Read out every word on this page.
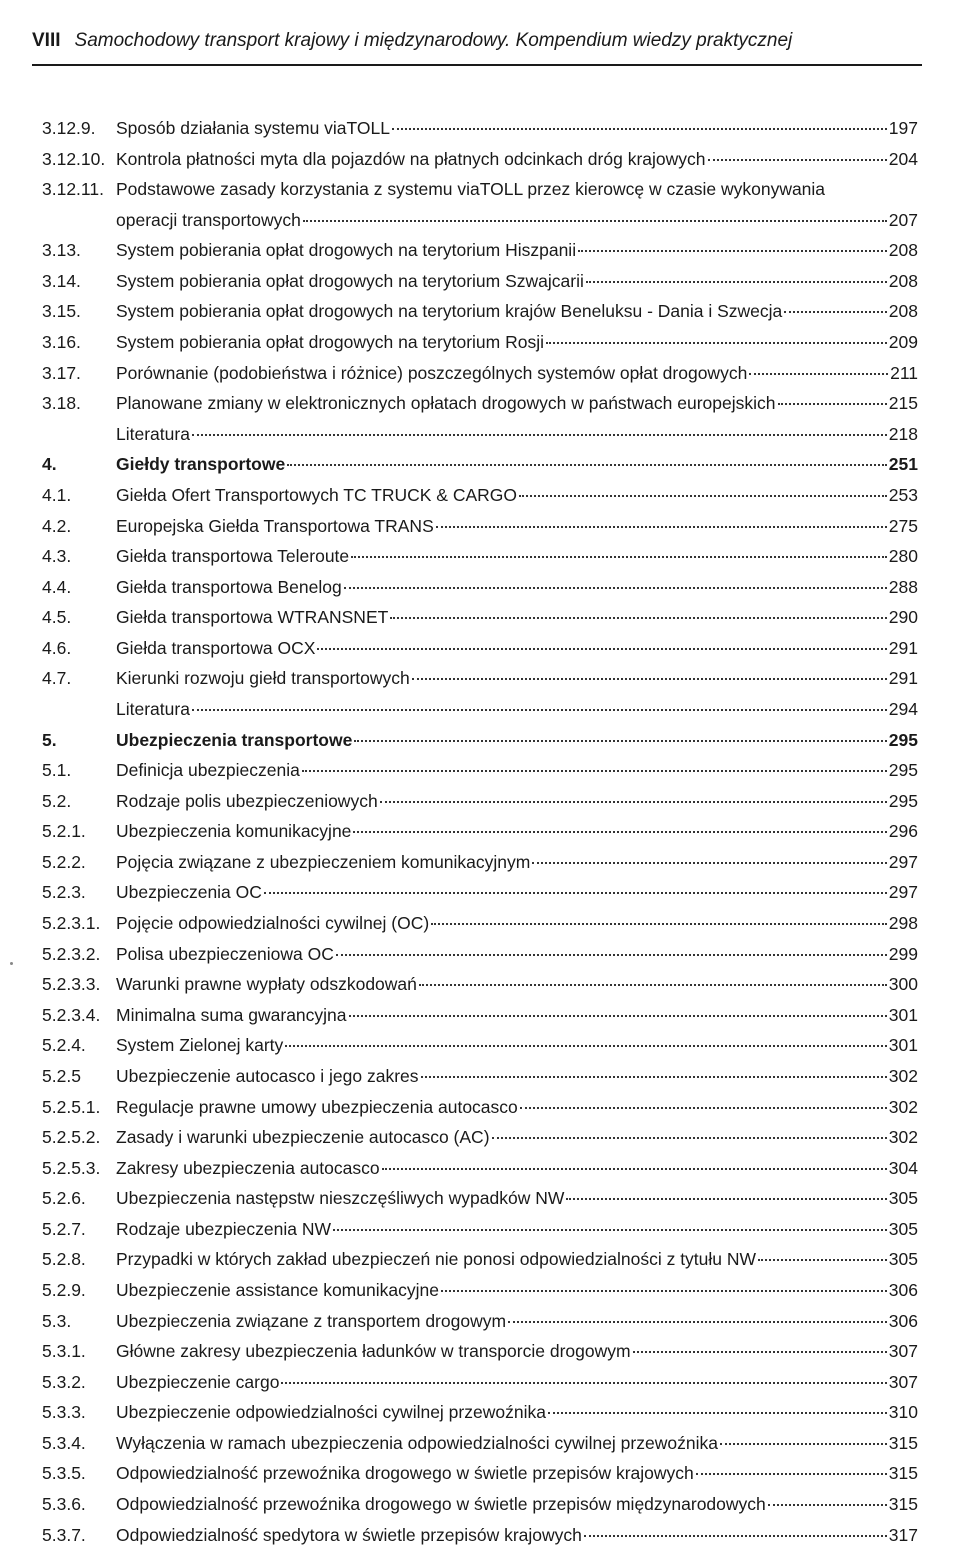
VIII Samochodowy transport krajowy i międzynarodowy. Kompendium wiedzy praktycznej
3.12.9. Sposób działania systemu viaTOLL	197
3.12.10. Kontrola płatności myta dla pojazdów na płatnych odcinkach dróg krajowych	204
3.12.11. Podstawowe zasady korzystania z systemu viaTOLL przez kierowcę w czasie wykonywania
operacji transportowych	207
3.13. System pobierania opłat drogowych na terytorium Hiszpanii	208
3.14. System pobierania opłat drogowych na terytorium Szwajcarii	208
3.15. System pobierania opłat drogowych na terytorium krajów Beneluksu - Dania i Szwecja	208
3.16. System pobierania opłat drogowych na terytorium Rosji	209
3.17. Porównanie (podobieństwa i różnice) poszczególnych systemów opłat drogowych	211
3.18. Planowane zmiany w elektronicznych opłatach drogowych w państwach europejskich	215
Literatura	218
4.	Giełdy transportowe	251
4.1.	Giełda Ofert Transportowych TC TRUCK & CARGO	253
4.2.	Europejska Giełda Transportowa TRANS	275
4.3.	Giełda transportowa Teleroute	280
4.4.	Giełda transportowa Benelog	288
4.5.	Giełda transportowa WTRANSNET	290
4.6.	Giełda transportowa OCX	291
4.7.	Kierunki rozwoju giełd transportowych	291
Literatura	294
5.	Ubezpieczenia transportowe	295
5.1.	Definicja ubezpieczenia	295
5.2.	Rodzaje polis ubezpieczeniowych	295
5.2.1. Ubezpieczenia komunikacyjne	296
5.2.2. Pojęcia związane z ubezpieczeniem komunikacyjnym	297
5.2.3. Ubezpieczenia OC	297
5.2.3.1. Pojęcie odpowiedzialności cywilnej (OC)	298
5.2.3.2. Polisa ubezpieczeniowa OC	299
5.2.3.3. Warunki prawne wypłaty odszkodowań	300
5.2.3.4. Minimalna suma gwarancyjna	301
5.2.4. System Zielonej karty	301
5.2.5 Ubezpieczenie autocasco i jego zakres	302
5.2.5.1. Regulacje prawne umowy ubezpieczenia autocasco	302
5.2.5.2. Zasady i warunki ubezpieczenie autocasco (AC)	302
5.2.5.3. Zakresy ubezpieczenia autocasco	304
5.2.6. Ubezpieczenia następstw nieszczęśliwych wypadków NW	305
5.2.7. Rodzaje ubezpieczenia NW	305
5.2.8. Przypadki w których zakład ubezpieczeń nie ponosi odpowiedzialności z tytułu NW	305
5.2.9. Ubezpieczenie assistance komunikacyjne	306
5.3.	Ubezpieczenia związane z transportem drogowym	306
5.3.1. Główne zakresy ubezpieczenia ładunków w transporcie drogowym	307
5.3.2. Ubezpieczenie cargo	307
5.3.3. Ubezpieczenie odpowiedzialności cywilnej przewoźnika	310
5.3.4. Wyłączenia w ramach ubezpieczenia odpowiedzialności cywilnej przewoźnika	315
5.3.5. Odpowiedzialność przewoźnika drogowego w świetle przepisów krajowych	315
5.3.6. Odpowiedzialność przewoźnika drogowego w świetle przepisów międzynarodowych	315
5.3.7. Odpowiedzialność spedytora w świetle przepisów krajowych	317
